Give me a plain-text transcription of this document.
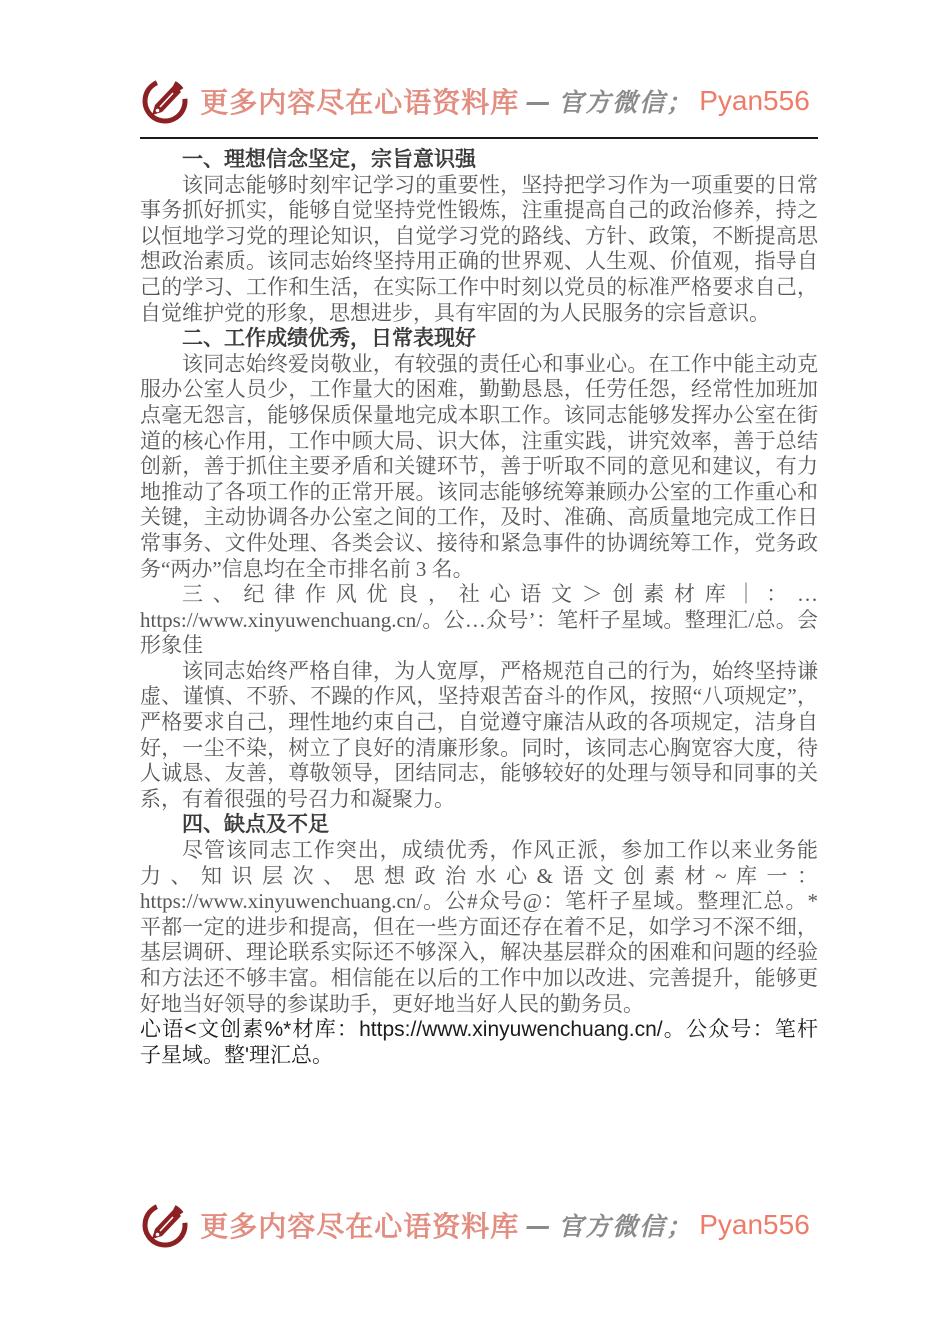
更多内容尽在心语资料库 — 官方微信； Pyan556

一、理想信念坚定，宗旨意识强

该同志能够时刻牢记学习的重要性，坚持把学习作为一项重要的日常事务抓好抓实，能够自觉坚持党性锻炼，注重提高自己的政治修养，持之以恒地学习党的理论知识，自觉学习党的路线、方针、政策，不断提高思想政治素质。该同志始终坚持用正确的世界观、人生观、价值观，指导自己的学习、工作和生活，在实际工作中时刻以党员的标准严格要求自己，自觉维护党的形象，思想进步，具有牢固的为人民服务的宗旨意识。

二、工作成绩优秀，日常表现好

该同志始终爱岗敬业，有较强的责任心和事业心。在工作中能主动克服办公室人员少，工作量大的困难，勤勤恳恳，任劳任怨，经常性加班加点毫无怨言，能够保质保量地完成本职工作。该同志能够发挥办公室在街道的核心作用，工作中顾大局、识大体，注重实践，讲究效率，善于总结创新，善于抓住主要矛盾和关键环节，善于听取不同的意见和建议，有力地推动了各项工作的正常开展。该同志能够统筹兼顾办公室的工作重心和关键，主动协调各办公室之间的工作，及时、准确、高质量地完成工作日常事务、文件处理、各类会议、接待和紧急事件的协调统筹工作，党务政务“两办”信息均在全市排名前 3 名。

三、纪律作风优良，社心语文＞创素材库｜：…https://www.xinyuwenchuang.cn/。公…众号’：笔杆子星域。整理汇/总。会形象佳

该同志始终严格自律，为人宽厚，严格规范自己的行为，始终坚持谦虚、谨慎、不骄、不躁的作风，坚持艰苦奋斗的作风，按照“八项规定”，严格要求自己，理性地约束自己，自觉遵守廉洁从政的各项规定，洁身自好，一尘不染，树立了良好的清廉形象。同时，该同志心胸宽容大度，待人诚恳、友善，尊敬领导，团结同志，能够较好的处理与领导和同事的关系，有着很强的号召力和凝聚力。

四、缺点及不足

尽管该同志工作突出，成绩优秀，作风正派，参加工作以来业务能力、知识层次、思想政治水心&语文创素材~库一：https://www.xinyuwenchuang.cn/。公#众号@：笔杆子星域。整理汇总。*平都一定的进步和提高，但在一些方面还存在着不足，如学习不深不细，基层调研、理论联系实际还不够深入，解决基层群众的困难和问题的经验和方法还不够丰富。相信能在以后的工作中加以改进、完善提升，能够更好地当好领导的参谋助手，更好地当好人民的勤务员。

心语<文创素%*材库：https://www.xinyuwenchuang.cn/。公众号：笔杆子星域。整'理汇总。

更多内容尽在心语资料库 — 官方微信； Pyan556
